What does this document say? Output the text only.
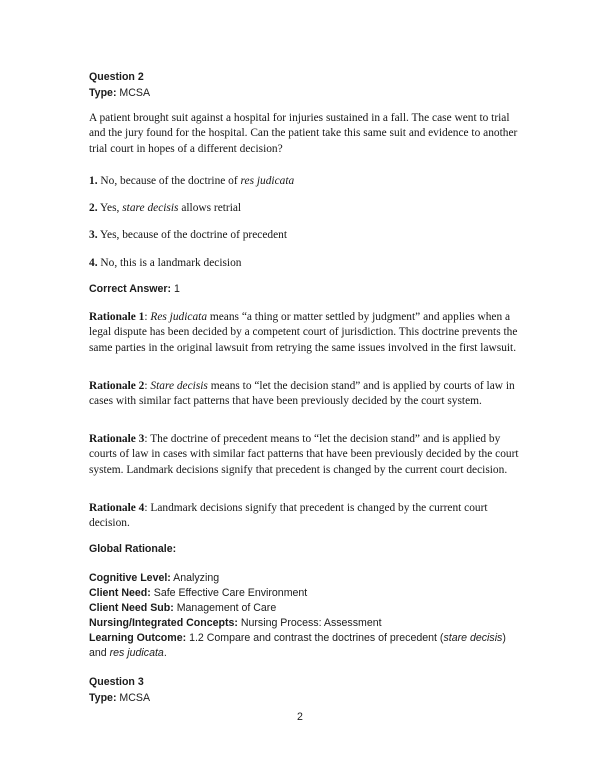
Question 2
Type: MCSA
A patient brought suit against a hospital for injuries sustained in a fall. The case went to trial and the jury found for the hospital. Can the patient take this same suit and evidence to another trial court in hopes of a different decision?
1. No, because of the doctrine of res judicata
2. Yes, stare decisis allows retrial
3. Yes, because of the doctrine of precedent
4. No, this is a landmark decision
Correct Answer: 1
Rationale 1: Res judicata means “a thing or matter settled by judgment” and applies when a legal dispute has been decided by a competent court of jurisdiction. This doctrine prevents the same parties in the original lawsuit from retrying the same issues involved in the first lawsuit.
Rationale 2: Stare decisis means to “let the decision stand” and is applied by courts of law in cases with similar fact patterns that have been previously decided by the court system.
Rationale 3: The doctrine of precedent means to “let the decision stand” and is applied by courts of law in cases with similar fact patterns that have been previously decided by the court system. Landmark decisions signify that precedent is changed by the current court decision.
Rationale 4: Landmark decisions signify that precedent is changed by the current court decision.
Global Rationale:
Cognitive Level: Analyzing
Client Need: Safe Effective Care Environment
Client Need Sub: Management of Care
Nursing/Integrated Concepts: Nursing Process: Assessment
Learning Outcome: 1.2 Compare and contrast the doctrines of precedent (stare decisis) and res judicata.
Question 3
Type: MCSA
2
